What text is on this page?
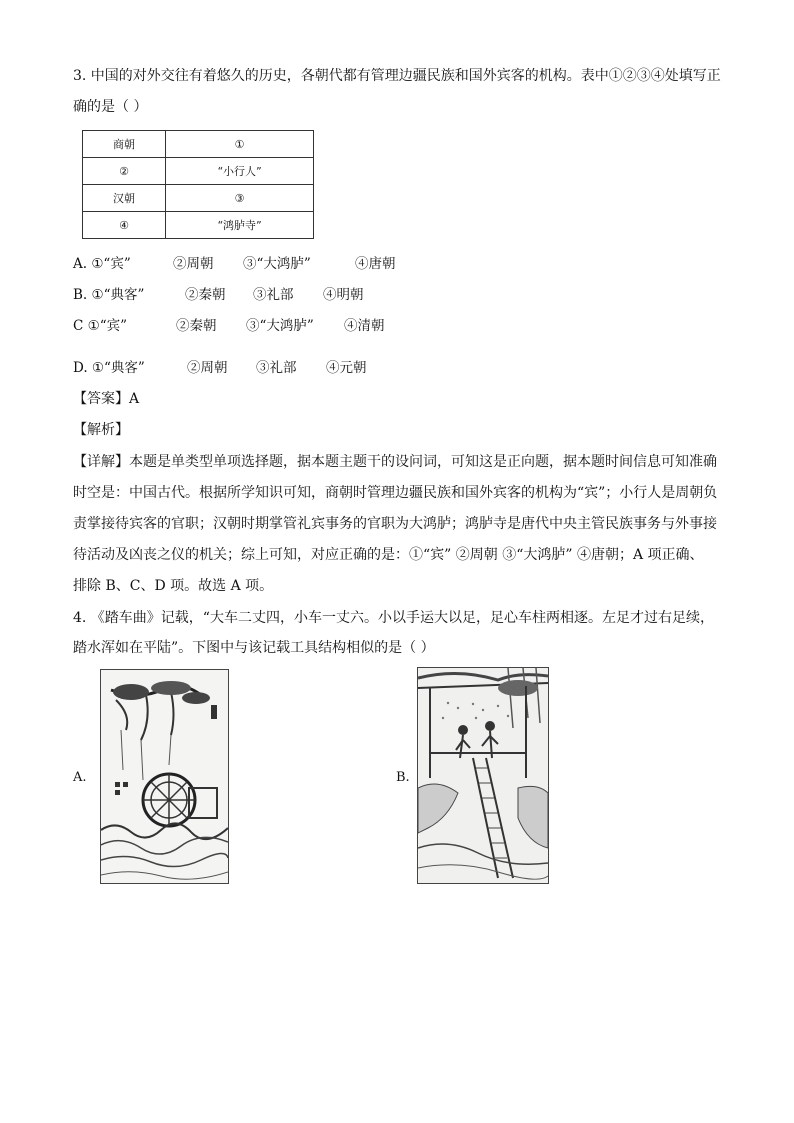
3. 中国的对外交往有着悠久的历史，各朝代都有管理边疆民族和国外宾客的机构。表中①②③④处填写正
确的是（ ）
商朝	①
②	“小行人”
汉朝	③
④	“鸿胪寺”
A. ①“宾”	②周朝 ③“大鸿胪”	④唐朝
B. ①“典客”	②秦朝 ③礼部 ④明朝
C ①“宾”	②秦朝 ③“大鸿胪” ④清朝
D. ①“典客”	②周朝 ③礼部 ④元朝
【答案】A
【解析】
【详解】本题是单类型单项选择题，据本题主题干的设问词，可知这是正向题，据本题时间信息可知准确
时空是：中国古代。根据所学知识可知，商朝时管理边疆民族和国外宾客的机构为“宾”；小行人是周朝负
责掌接待宾客的官职；汉朝时期掌管礼宾事务的官职为大鸿胪；鸿胪寺是唐代中央主管民族事务与外事接
待活动及凶丧之仪的机关；综上可知，对应正确的是：①“宾” ②周朝 ③“大鸿胪” ④唐朝；A 项正确、
排除 B、C、D 项。故选 A 项。
4. 《踏车曲》记载，“大车二丈四，小车一丈六。小以手运大以足，足心车柱两相逐。左足才过右足续，
踏水浑如在平陆”。下图中与该记载工具结构相似的是（ ）
A.	B.
